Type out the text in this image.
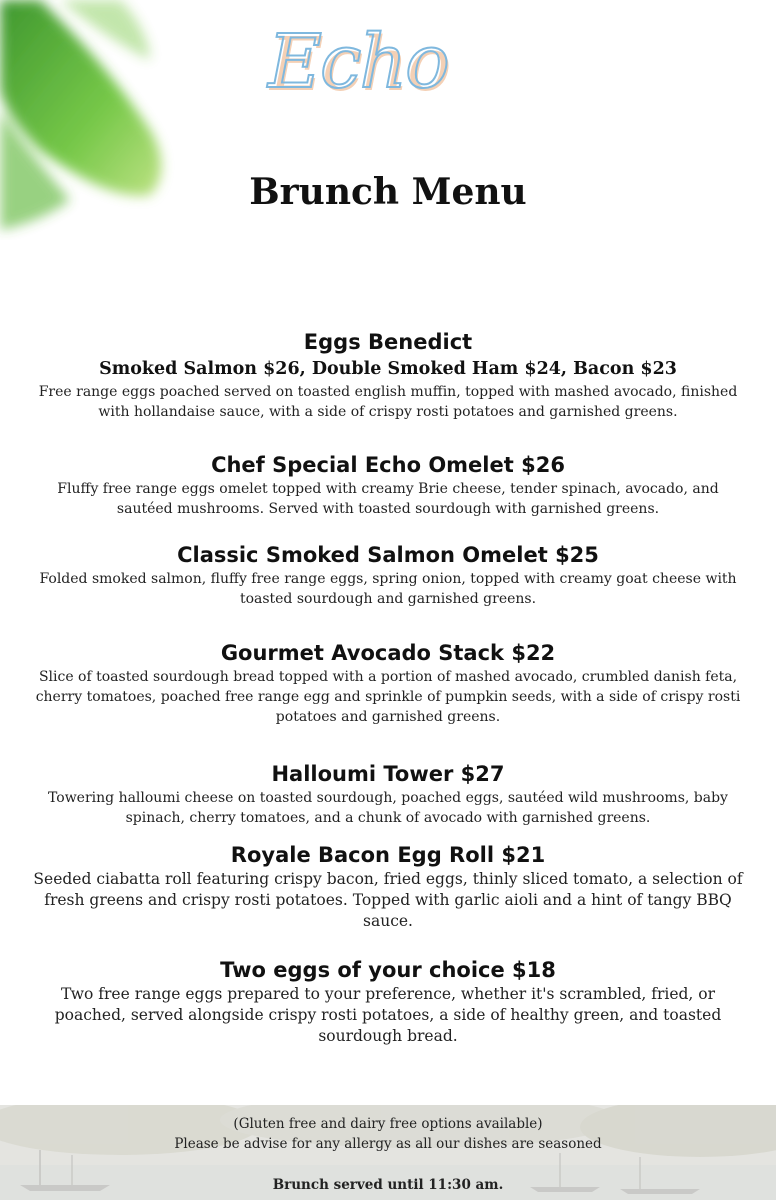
Echo
Brunch Menu
Eggs Benedict
Smoked Salmon $26, Double Smoked Ham $24, Bacon $23
Free range eggs poached served on toasted english muffin, topped with mashed avocado, finished with hollandaise sauce, with a side of crispy rosti potatoes and garnished greens.
Chef Special Echo Omelet $26
Fluffy free range eggs omelet topped with creamy Brie cheese, tender spinach, avocado, and sautéed mushrooms. Served with toasted sourdough with garnished greens.
Classic Smoked Salmon Omelet $25
Folded smoked salmon, fluffy free range eggs, spring onion, topped with creamy goat cheese with toasted sourdough and garnished greens.
Gourmet Avocado Stack $22
Slice of toasted sourdough bread topped with a portion of mashed avocado, crumbled danish feta, cherry tomatoes, poached free range egg and sprinkle of pumpkin seeds, with a side of crispy rosti potatoes and garnished greens.
Halloumi Tower $27
Towering halloumi cheese on toasted sourdough, poached eggs, sautéed wild mushrooms, baby spinach, cherry tomatoes, and a chunk of avocado with garnished greens.
Royale Bacon Egg Roll $21
Seeded ciabatta roll featuring crispy bacon, fried eggs, thinly sliced tomato, a selection of fresh greens and crispy rosti potatoes. Topped with garlic aioli and a hint of tangy BBQ sauce.
Two eggs of your choice $18
Two free range eggs prepared to your preference, whether it's scrambled, fried, or poached, served alongside crispy rosti potatoes, a side of healthy green, and toasted sourdough bread.
(Gluten free and dairy free options available)
Please be advise for any allergy as all our dishes are seasoned
Brunch served until 11:30 am.
